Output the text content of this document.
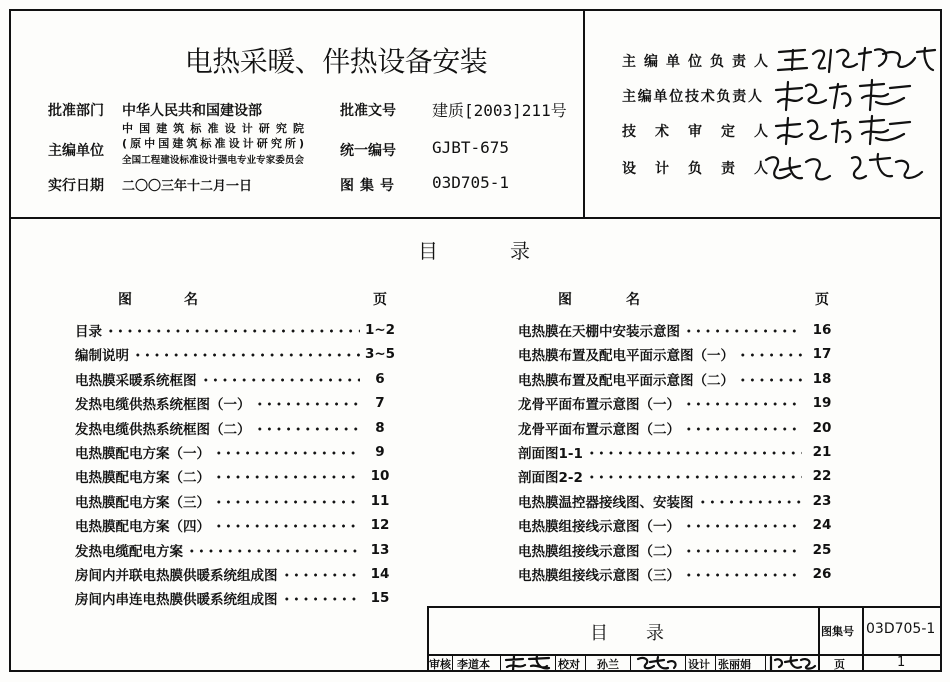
电热采暖、伴热设备安装
批准部门 中华人民共和国建设部
主编单位
中国建筑标准设计研究院
(原中国建筑标准设计研究所)
全国工程建设标准设计强电专业专家委员会
实行日期 二〇〇三年十二月一日
批准文号 建质[2003]211号
统一编号 GJBT-675
图集号 03D705-1
主编单位负责人
主编单位技术负责人
技术审定人
设计负责人
目录
图名	页	图名	页
目录	1~2
编制说明	3~5
电热膜采暖系统框图	6
发热电缆供热系统框图（一）	7
发热电缆供热系统框图（二）	8
电热膜配电方案（一）	9
电热膜配电方案（二）	10
电热膜配电方案（三）	11
电热膜配电方案（四）	12
发热电缆配电方案	13
房间内并联电热膜供暖系统组成图	14
房间内串连电热膜供暖系统组成图	15
电热膜在天棚中安装示意图	16
电热膜布置及配电平面示意图（一）	17
电热膜布置及配电平面示意图（二）	18
龙骨平面布置示意图（一）	19
龙骨平面布置示意图（二）	20
剖面图1-1	21
剖面图2-2	22
电热膜温控器接线图、安装图	23
电热膜组接线示意图（一）	24
电热膜组接线示意图（二）	25
电热膜组接线示意图（三）	26
目录	图集号 03D705-1
审核 李道本	校对 孙兰	设计 张丽娟	页	1
